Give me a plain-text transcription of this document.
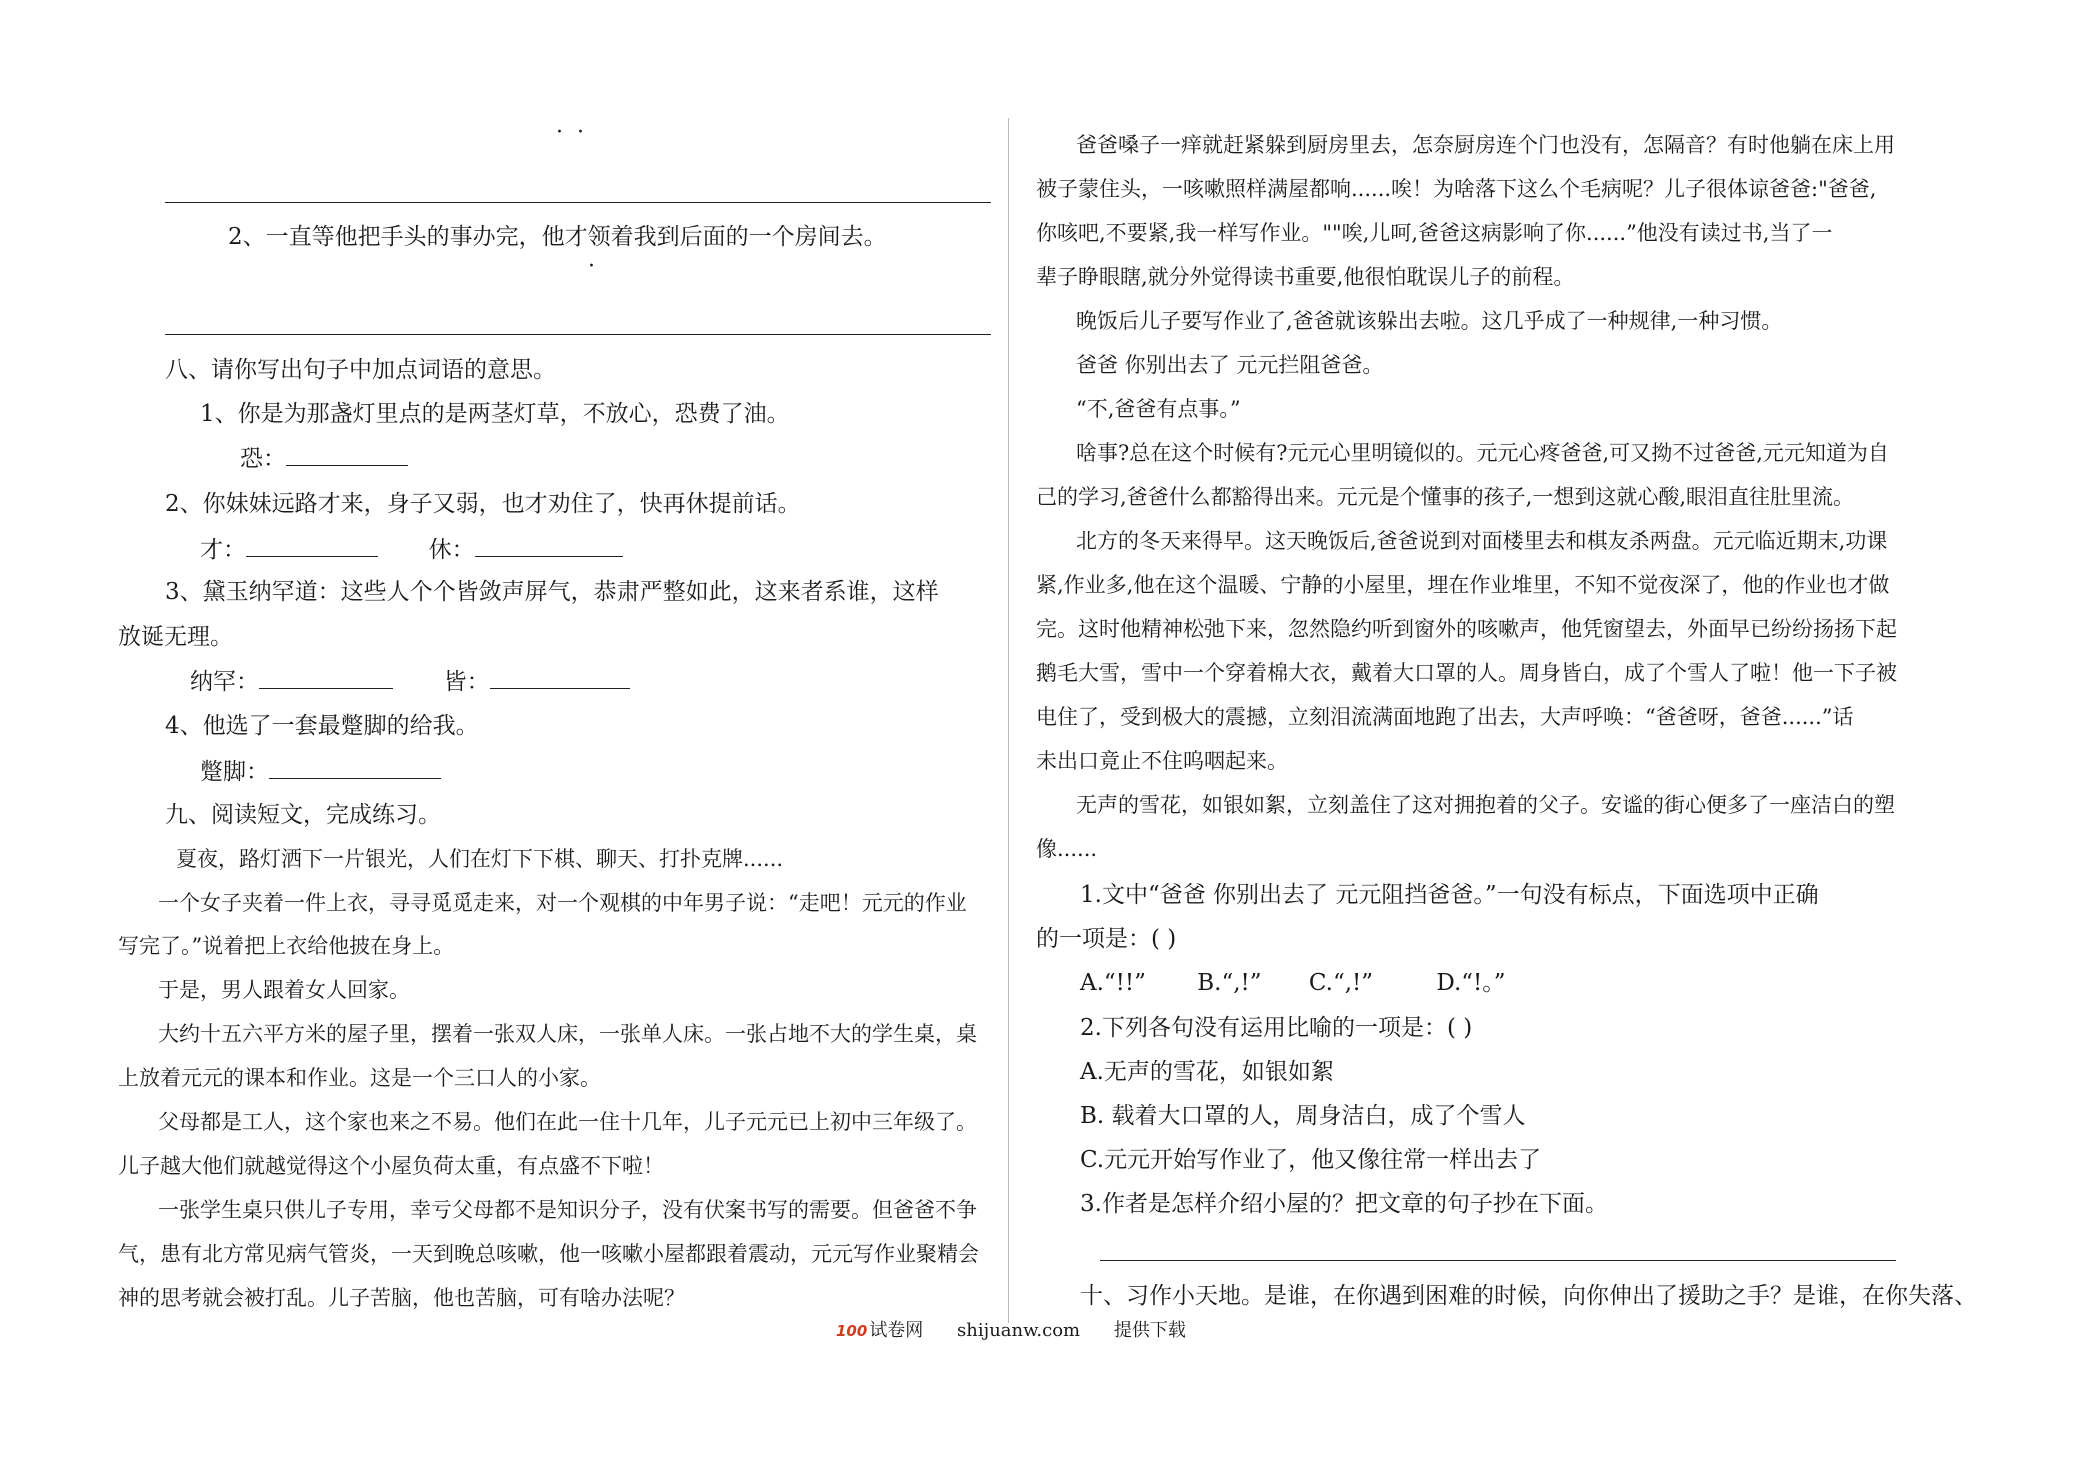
··
2、一直等他把手头的事办完，他才领着我到后面的一个房间去。
·
八、请你写出句子中加点词语的意思。
1、你是为那盏灯里点的是两茎灯草，不放心，恐费了油。
恐：
2、你妹妹远路才来，身子又弱，也才劝住了，快再休提前话。
才：	休：
3、黛玉纳罕道：这些人个个皆敛声屏气，恭肃严整如此，这来者系谁，这样
放诞无理。
纳罕：	皆：
4、他选了一套最蹩脚的给我。
蹩脚：
九、阅读短文，完成练习。
夏夜，路灯洒下一片银光，人们在灯下下棋、聊天、打扑克牌......
一个女子夹着一件上衣，寻寻觅觅走来，对一个观棋的中年男子说：“走吧！元元的作业
写完了。”说着把上衣给他披在身上。
于是，男人跟着女人回家。
大约十五六平方米的屋子里，摆着一张双人床，一张单人床。一张占地不大的学生桌，桌
上放着元元的课本和作业。这是一个三口人的小家。
父母都是工人，这个家也来之不易。他们在此一住十几年，儿子元元已上初中三年级了。
儿子越大他们就越觉得这个小屋负荷太重，有点盛不下啦！
一张学生桌只供儿子专用，幸亏父母都不是知识分子，没有伏案书写的需要。但爸爸不争
气，患有北方常见病气管炎，一天到晚总咳嗽，他一咳嗽小屋都跟着震动，元元写作业聚精会
神的思考就会被打乱。儿子苦脑，他也苦脑，可有啥办法呢？
爸爸嗓子一痒就赶紧躲到厨房里去，怎奈厨房连个门也没有，怎隔音？有时他躺在床上用
被子蒙住头，一咳嗽照样满屋都响......唉！为啥落下这么个毛病呢？儿子很体谅爸爸:"爸爸,
你咳吧,不要紧,我一样写作业。""唉,儿呵,爸爸这病影响了你......”他没有读过书,当了一
辈子睁眼瞎,就分外觉得读书重要,他很怕耽误儿子的前程。
晚饭后儿子要写作业了,爸爸就该躲出去啦。这几乎成了一种规律,一种习惯。
爸爸 你别出去了 元元拦阻爸爸。
“不,爸爸有点事。”
啥事?总在这个时候有?元元心里明镜似的。元元心疼爸爸,可又拗不过爸爸,元元知道为自
己的学习,爸爸什么都豁得出来。元元是个懂事的孩子,一想到这就心酸,眼泪直往肚里流。
北方的冬天来得早。这天晚饭后,爸爸说到对面楼里去和棋友杀两盘。元元临近期末,功课
紧,作业多,他在这个温暖、宁静的小屋里，埋在作业堆里，不知不觉夜深了，他的作业也才做
完。这时他精神松弛下来，忽然隐约听到窗外的咳嗽声，他凭窗望去，外面早已纷纷扬扬下起
鹅毛大雪，雪中一个穿着棉大衣，戴着大口罩的人。周身皆白，成了个雪人了啦！他一下子被
电住了，受到极大的震撼，立刻泪流满面地跑了出去，大声呼唤：“爸爸呀，爸爸......”话
未出口竟止不住呜咽起来。
无声的雪花，如银如絮，立刻盖住了这对拥抱着的父子。安谧的街心便多了一座洁白的塑
像......
1.文中“爸爸 你别出去了 元元阻挡爸爸。”一句没有标点，下面选项中正确
的一项是：( )
A.“!!” B.“,!” C.“,!”	D.“!。”
2.下列各句没有运用比喻的一项是：( )
A.无声的雪花，如银如絮
B. 载着大口罩的人，周身洁白，成了个雪人
C.元元开始写作业了，他又像往常一样出去了
3.作者是怎样介绍小屋的？把文章的句子抄在下面。
十、习作小天地。是谁，在你遇到困难的时候，向你伸出了援助之手？是谁，在你失落、
100 试卷网 shijuanw.com 提供下载
